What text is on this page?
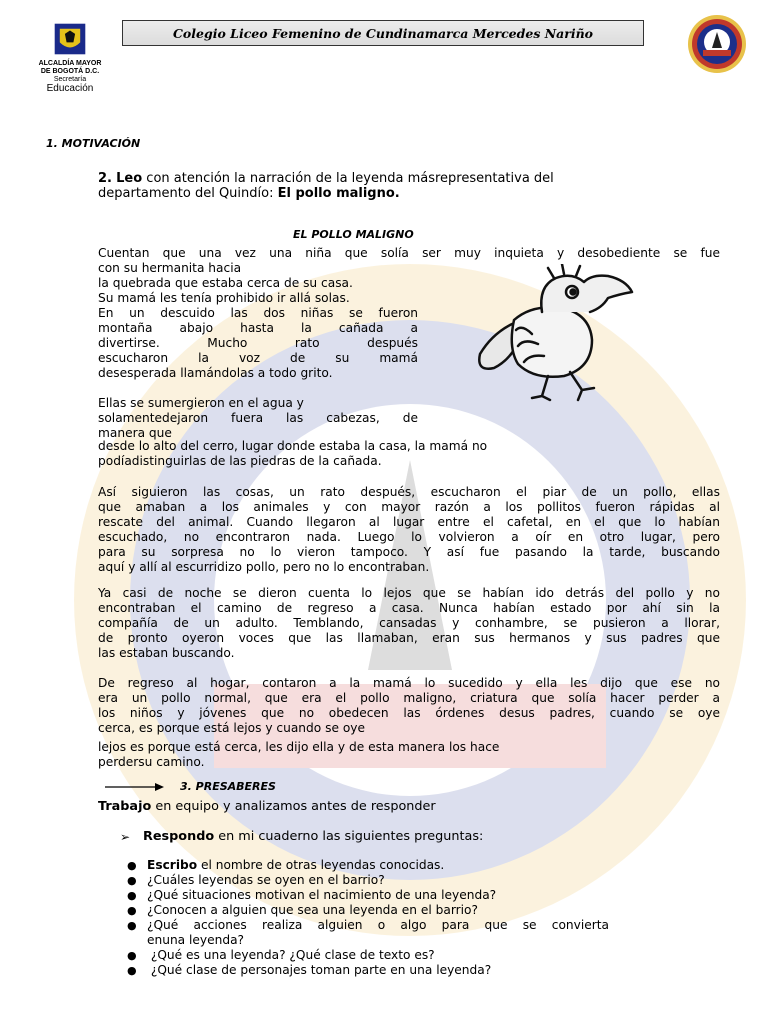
ALCALDÍA MAYOR
DE BOGOTÁ D.C.
Secretaría
Educación
Colegio Liceo Femenino de Cundinamarca Mercedes Nariño
1. MOTIVACIÓN
2. Leo con atención la narración de la leyenda másrepresentativa del
departamento del Quindío: El pollo maligno.
EL POLLO MALIGNO
Cuentan que una vez una niña que solía ser muy inquieta y desobediente se fue
con su hermanita hacia
la quebrada que estaba cerca de su casa.
Su mamá les tenía prohibido ir allá solas.
En un descuido las dos niñas se fueron
montaña abajo hasta la cañada a
divertirse. Mucho rato después
escucharon la voz de su mamá
desesperada llamándolas a todo grito.
Ellas se sumergieron en el agua y
solamentedejaron fuera las cabezas, de
manera que
desde lo alto del cerro, lugar donde estaba la casa, la mamá no
podíadistinguirlas de las piedras de la cañada.
Así siguieron las cosas, un rato después, escucharon el piar de un pollo, ellas
que amaban a los animales y con mayor razón a los pollitos fueron rápidas al
rescate del animal. Cuando llegaron al lugar entre el cafetal, en el que lo habían
escuchado, no encontraron nada. Luego lo volvieron a oír en otro lugar, pero
para su sorpresa no lo vieron tampoco. Y así fue pasando la tarde, buscando
aquí y allí al escurridizo pollo, pero no lo encontraban.
Ya casi de noche se dieron cuenta lo lejos que se habían ido detrás del pollo y no
encontraban el camino de regreso a casa. Nunca habían estado por ahí sin la
compañía de un adulto. Temblando, cansadas y conhambre, se pusieron a llorar,
de pronto oyeron voces que las llamaban, eran sus hermanos y sus padres que
las estaban buscando.
De regreso al hogar, contaron a la mamá lo sucedido y ella les dijo que ese no
era un pollo normal, que era el pollo maligno, criatura que solía hacer perder a
los niños y jóvenes que no obedecen las órdenes desus padres, cuando se oye
cerca, es porque está lejos y cuando se oye
lejos es porque está cerca, les dijo ella y de esta manera los hace
perdersu camino.
3. PRESABERES
Trabajo en equipo y analizamos antes de responder
➢ Respondo en mi cuaderno las siguientes preguntas:
● Escribo el nombre de otras leyendas conocidas.
● ¿Cuáles leyendas se oyen en el barrio?
● ¿Qué situaciones motivan el nacimiento de una leyenda?
● ¿Conocen a alguien que sea una leyenda en el barrio?
● ¿Qué acciones realiza alguien o algo para que se convierta
enuna leyenda?
● ¿Qué es una leyenda? ¿Qué clase de texto es?
● ¿Qué clase de personajes toman parte en una leyenda?
